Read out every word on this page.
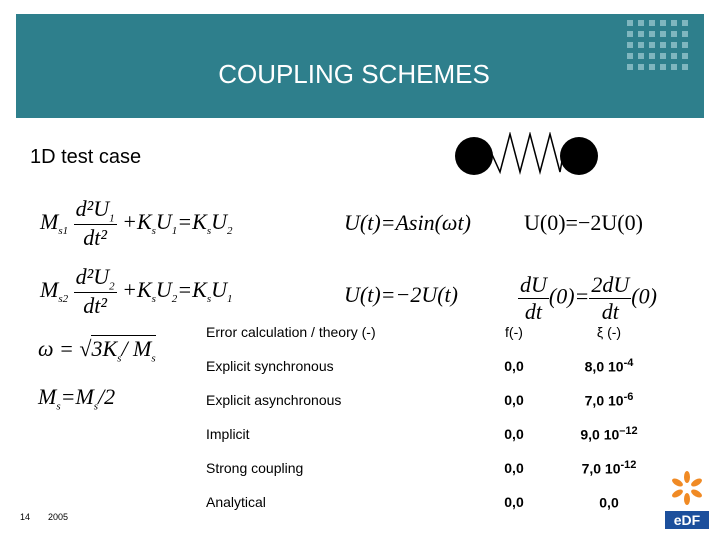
COUPLING SCHEMES
1D test case
$M_{s1} \frac{d^2U_1}{\text{dt²}} +K_sU_1=K_sU_2$
$M_{s2} \frac{d^2U_2}{\text{dt²}} +K_sU_2=K_sU_1$
$\omega = √3K_s/$ $M_s$
$M_s=M_s/2$
U(t)=Asin(ωt) U(0)=−2U(0)
U(t)=−2U(t)	$\frac{dU}{dt} (0)= \frac{2dU}{dt} (0)$
Error calculation / theory (-)	f(-)	ξ (-)
Explicit synchronous	0,0	8,0 $10^{-4}$
Explicit asynchronous	0,0	7,0 $10^{-6}$
Implicit	0,0	9,0 $10^{-12}$
Strong coupling	0,0	7,0 $10^{-12}$
Analytical	0,0	0,0
14 2005	eDF
